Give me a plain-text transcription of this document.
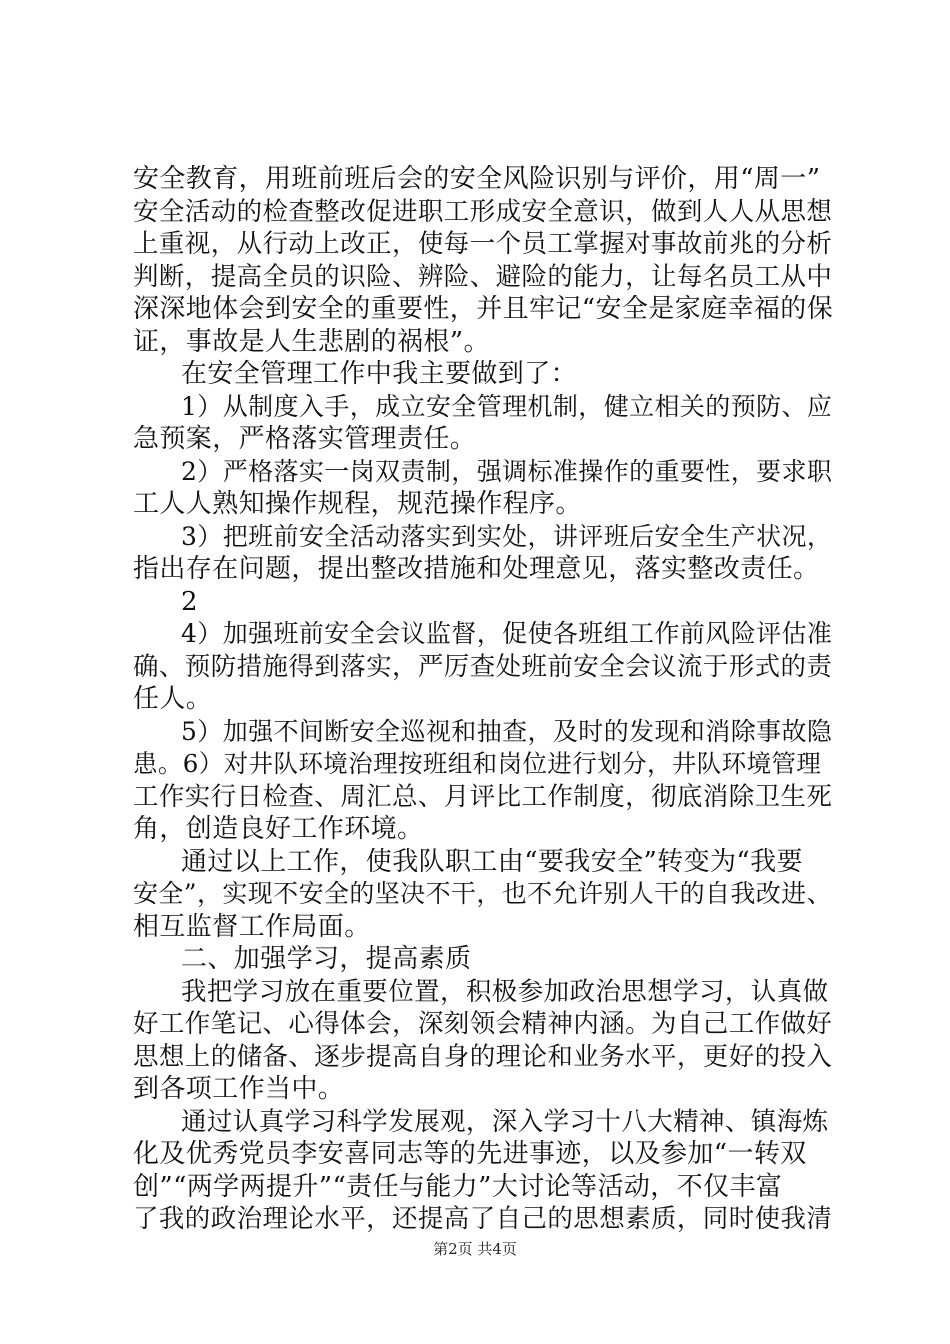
安全教育，用班前班后会的安全风险识别与评价，用“周一”
安全活动的检查整改促进职工形成安全意识，做到人人从思想
上重视，从行动上改正，使每一个员工掌握对事故前兆的分析
判断，提高全员的识险、辨险、避险的能力，让每名员工从中
深深地体会到安全的重要性，并且牢记“安全是家庭幸福的保
证，事故是人生悲剧的祸根”。
在安全管理工作中我主要做到了：
1）从制度入手，成立安全管理机制，健立相关的预防、应
急预案，严格落实管理责任。
2）严格落实一岗双责制，强调标准操作的重要性，要求职
工人人熟知操作规程，规范操作程序。
3）把班前安全活动落实到实处，讲评班后安全生产状况，
指出存在问题，提出整改措施和处理意见，落实整改责任。
2
4）加强班前安全会议监督，促使各班组工作前风险评估准
确、预防措施得到落实，严厉查处班前安全会议流于形式的责
任人。
5）加强不间断安全巡视和抽查，及时的发现和消除事故隐
患。6）对井队环境治理按班组和岗位进行划分，井队环境管理
工作实行日检查、周汇总、月评比工作制度，彻底消除卫生死
角，创造良好工作环境。
通过以上工作，使我队职工由“要我安全”转变为“我要
安全”，实现不安全的坚决不干，也不允许别人干的自我改进、
相互监督工作局面。
二、加强学习，提高素质
我把学习放在重要位置，积极参加政治思想学习，认真做
好工作笔记、心得体会，深刻领会精神内涵。为自己工作做好
思想上的储备、逐步提高自身的理论和业务水平，更好的投入
到各项工作当中。
通过认真学习科学发展观，深入学习十八大精神、镇海炼
化及优秀党员李安喜同志等的先进事迹，以及参加“一转双
创”“两学两提升”“责任与能力”大讨论等活动，不仅丰富
了我的政治理论水平，还提高了自己的思想素质，同时使我清
第2页 共4页
